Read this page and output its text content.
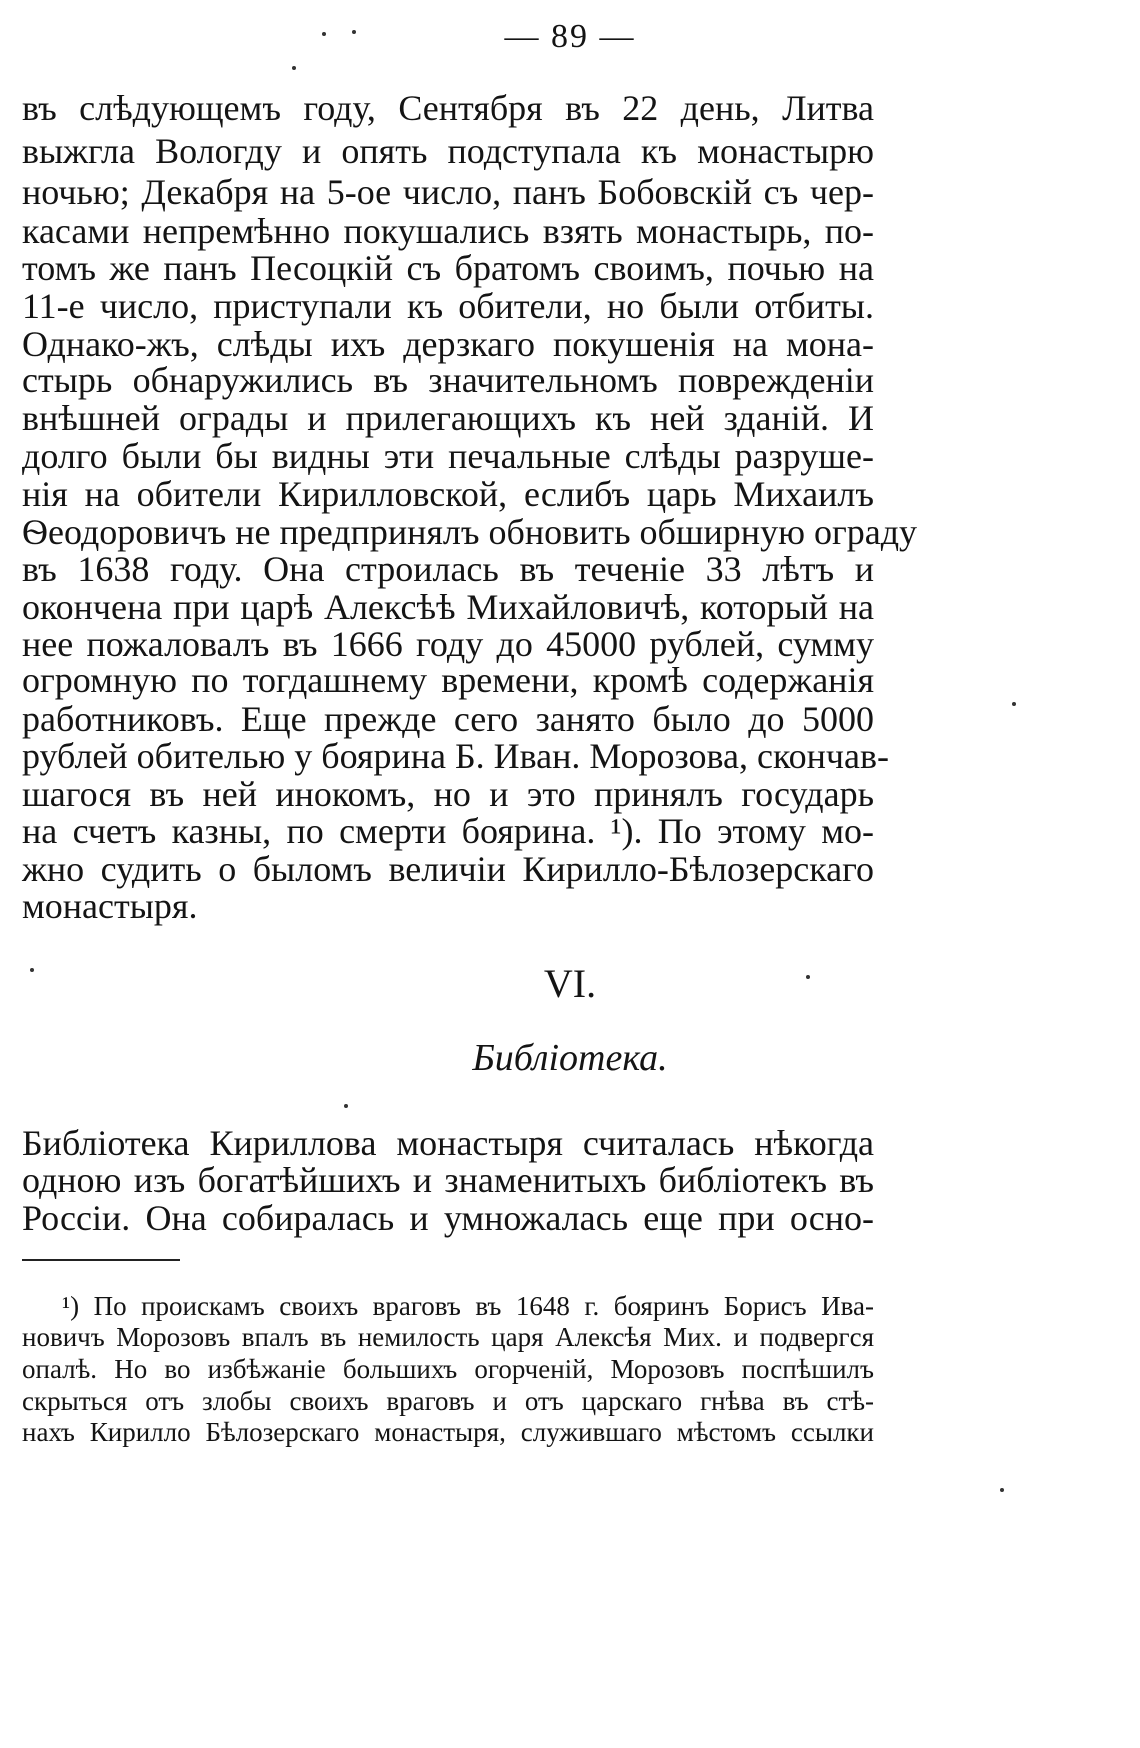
— 89 —
въ слѣдующемъ году, Сентября въ 22 день, Литва
выжгла Вологду и опять подступала къ монастырю
ночью; Декабря на 5-ое число, панъ Бобовскій съ чер-
касами непремѣнно покушались взять монастырь, по-
томъ же панъ Песоцкій съ братомъ своимъ, почью на
11-е число, приступали къ обители, но были отбиты.
Однако-жъ, слѣды ихъ дерзкаго покушенія на мона-
стырь обнаружились въ значительномъ поврежденіи
внѣшней ограды и прилегающихъ къ ней зданій. И
долго были бы видны эти печальные слѣды разруше-
нія на обители Кирилловской, еслибъ царь Михаилъ
Ѳеодоровичъ не предпринялъ обновить обширную ограду
въ 1638 году. Она строилась въ теченіе 33 лѣтъ и
окончена при царѣ Алексѣѣ Михайловичѣ, который на
нее пожаловалъ въ 1666 году до 45000 рублей, сумму
огромную по тогдашнему времени, кромѣ содержанія
работниковъ. Еще прежде сего занято было до 5000
рублей обителью у боярина Б. Иван. Морозова, скончав-
шагося въ ней инокомъ, но и это принялъ государь
на счетъ казны, по смерти боярина. ¹). По этому мо-
жно судить о быломъ величіи Кирилло-Бѣлозерскаго
монастыря.
VI.
Библіотека.
Библіотека Кириллова монастыря считалась нѣкогда
одною изъ богатѣйшихъ и знаменитыхъ библіотекъ въ
Россіи. Она собиралась и умножалась еще при осно-
¹) По проискамъ своихъ враговъ въ 1648 г. бояринъ Борисъ Ива-
новичъ Морозовъ впалъ въ немилость царя Алексѣя Мих. и подвергся
опалѣ. Но во избѣжаніе большихъ огорченій, Морозовъ поспѣшилъ
скрыться отъ злобы своихъ враговъ и отъ царскаго гнѣва въ стѣ-
нахъ Кирилло Бѣлозерскаго монастыря, служившаго мѣстомъ ссылки
